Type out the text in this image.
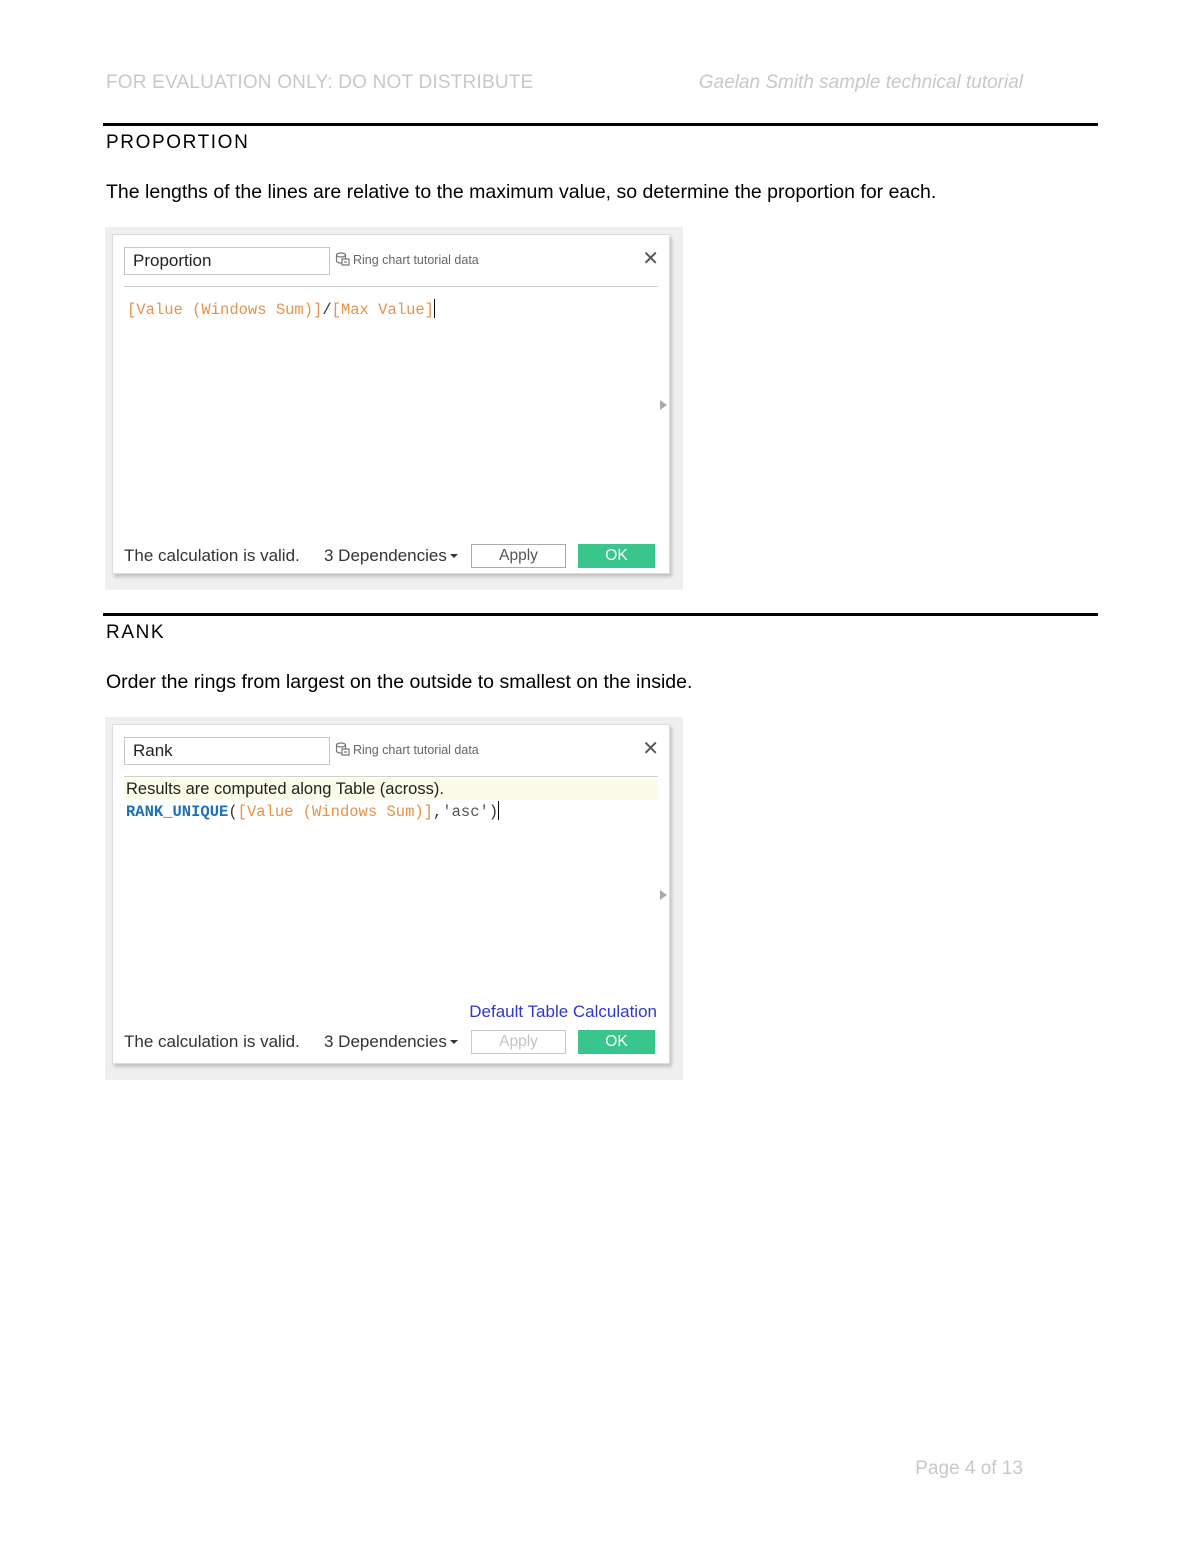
FOR EVALUATION ONLY: DO NOT DISTRIBUTE	Gaelan Smith sample technical tutorial
PROPORTION
The lengths of the lines are relative to the maximum value, so determine the proportion for each.
Proportion	Ring chart tutorial data	✕
[Value (Windows Sum)]/[Max Value]
The calculation is valid. 3 Dependencies	Apply	OK
RANK
Order the rings from largest on the outside to smallest on the inside.
Rank	Ring chart tutorial data	✕
Results are computed along Table (across).
RANK_UNIQUE([Value (Windows Sum)],'asc')
Default Table Calculation
The calculation is valid. 3 Dependencies	Apply	OK
Page 4 of 13
